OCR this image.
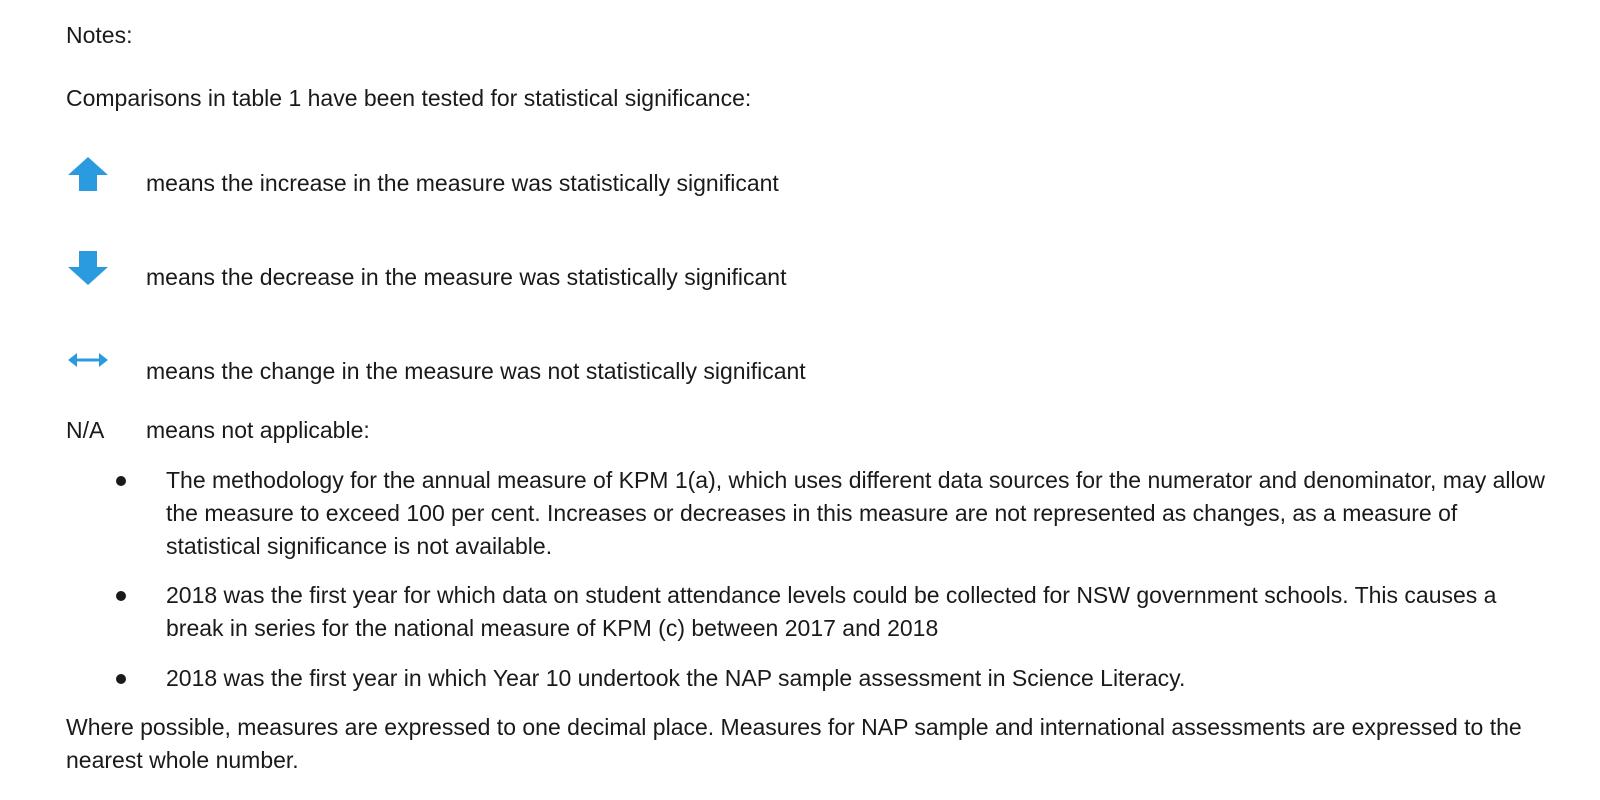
Notes:

Comparisons in table 1 have been tested for statistical significance:

means the increase in the measure was statistically significant

means the decrease in the measure was statistically significant

means the change in the measure was not statistically significant

N/A means not applicable:

The methodology for the annual measure of KPM 1(a), which uses different data sources for the numerator and denominator, may allow the measure to exceed 100 per cent. Increases or decreases in this measure are not represented as changes, as a measure of statistical significance is not available.

2018 was the first year for which data on student attendance levels could be collected for NSW government schools. This causes a break in series for the national measure of KPM (c) between 2017 and 2018

2018 was the first year in which Year 10 undertook the NAP sample assessment in Science Literacy.

Where possible, measures are expressed to one decimal place. Measures for NAP sample and international assessments are expressed to the nearest whole number.
